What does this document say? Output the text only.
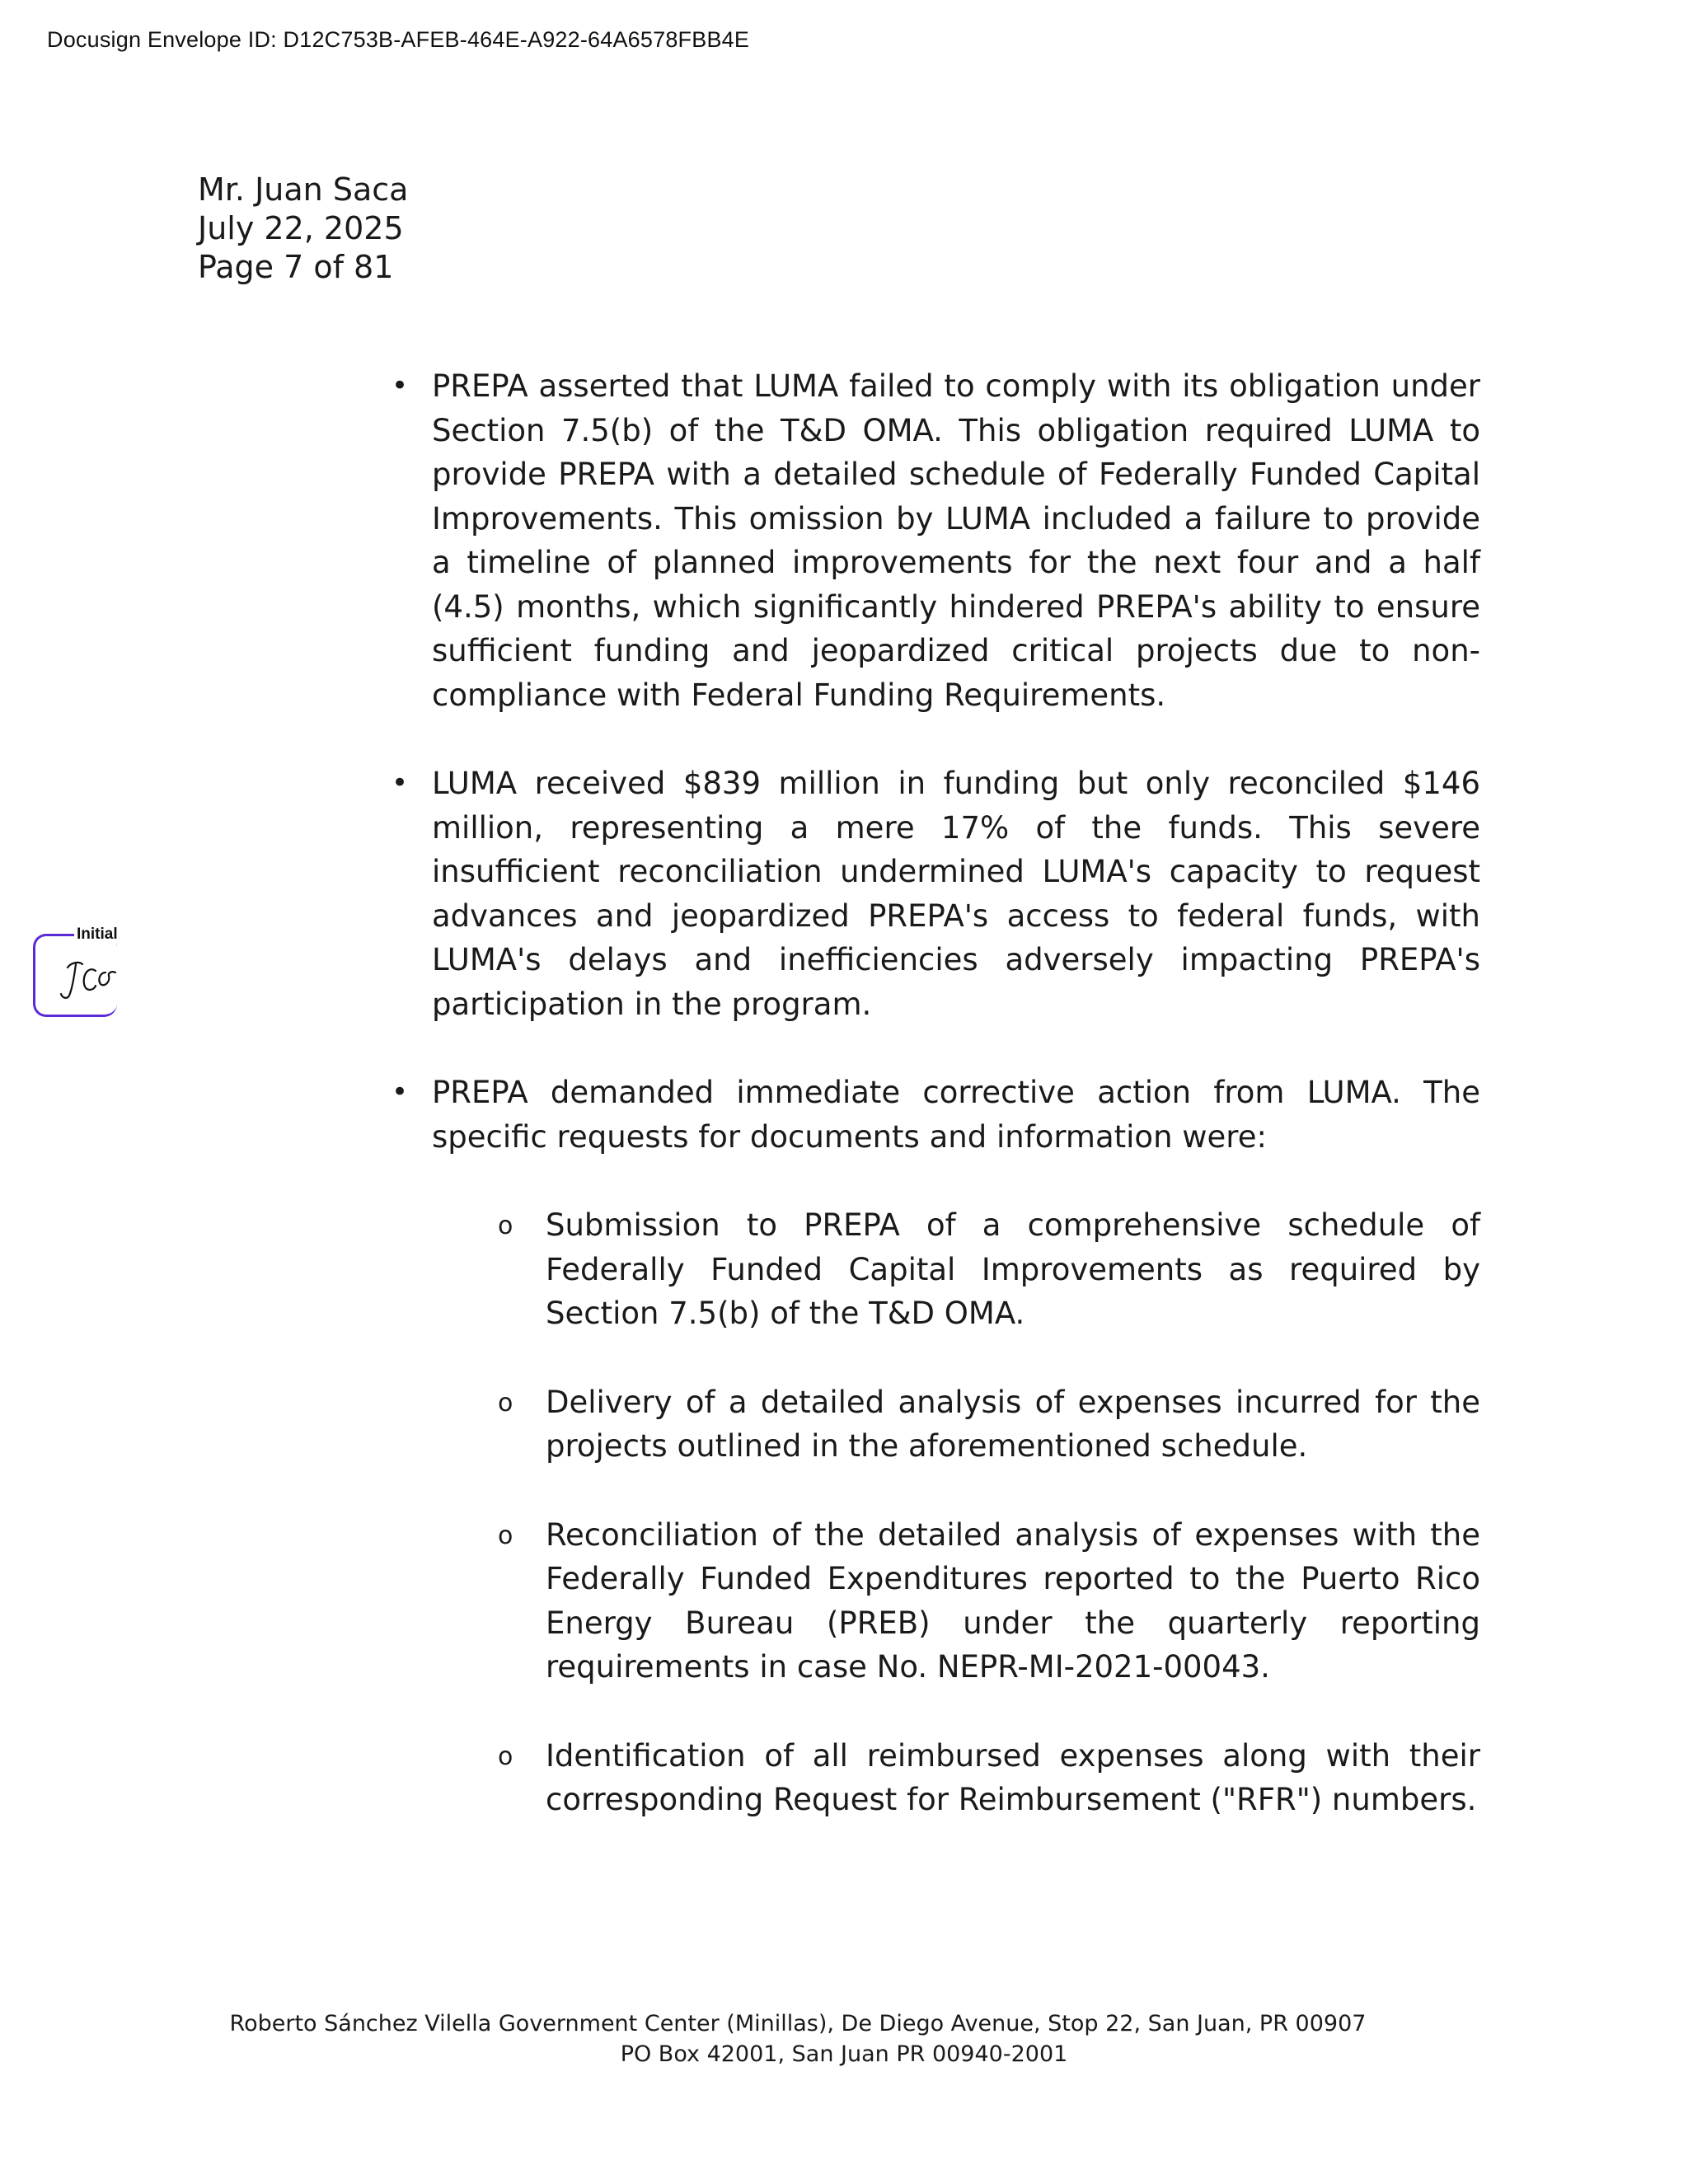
Docusign Envelope ID: D12C753B-AFEB-464E-A922-64A6578FBB4E
Mr. Juan Saca
July 22, 2025
Page 7 of 81
Initial
• PREPA asserted that LUMA failed to comply with its obligation under Section 7.5(b) of the T&D OMA. This obligation required LUMA to provide PREPA with a detailed schedule of Federally Funded Capital Improvements. This omission by LUMA included a failure to provide a timeline of planned improvements for the next four and a half (4.5) months, which significantly hindered PREPA's ability to ensure sufficient funding and jeopardized critical projects due to non-compliance with Federal Funding Requirements.
• LUMA received $839 million in funding but only reconciled $146 million, representing a mere 17% of the funds. This severe insufficient reconciliation undermined LUMA's capacity to request advances and jeopardized PREPA's access to federal funds, with LUMA's delays and inefficiencies adversely impacting PREPA's participation in the program.
• PREPA demanded immediate corrective action from LUMA. The specific requests for documents and information were:
o Submission to PREPA of a comprehensive schedule of Federally Funded Capital Improvements as required by Section 7.5(b) of the T&D OMA.
o Delivery of a detailed analysis of expenses incurred for the projects outlined in the aforementioned schedule.
o Reconciliation of the detailed analysis of expenses with the Federally Funded Expenditures reported to the Puerto Rico Energy Bureau (PREB) under the quarterly reporting requirements in case No. NEPR-MI-2021-00043.
o Identification of all reimbursed expenses along with their corresponding Request for Reimbursement ("RFR") numbers.
Roberto Sánchez Vilella Government Center (Minillas), De Diego Avenue, Stop 22, San Juan, PR 00907
PO Box 42001, San Juan PR 00940-2001
